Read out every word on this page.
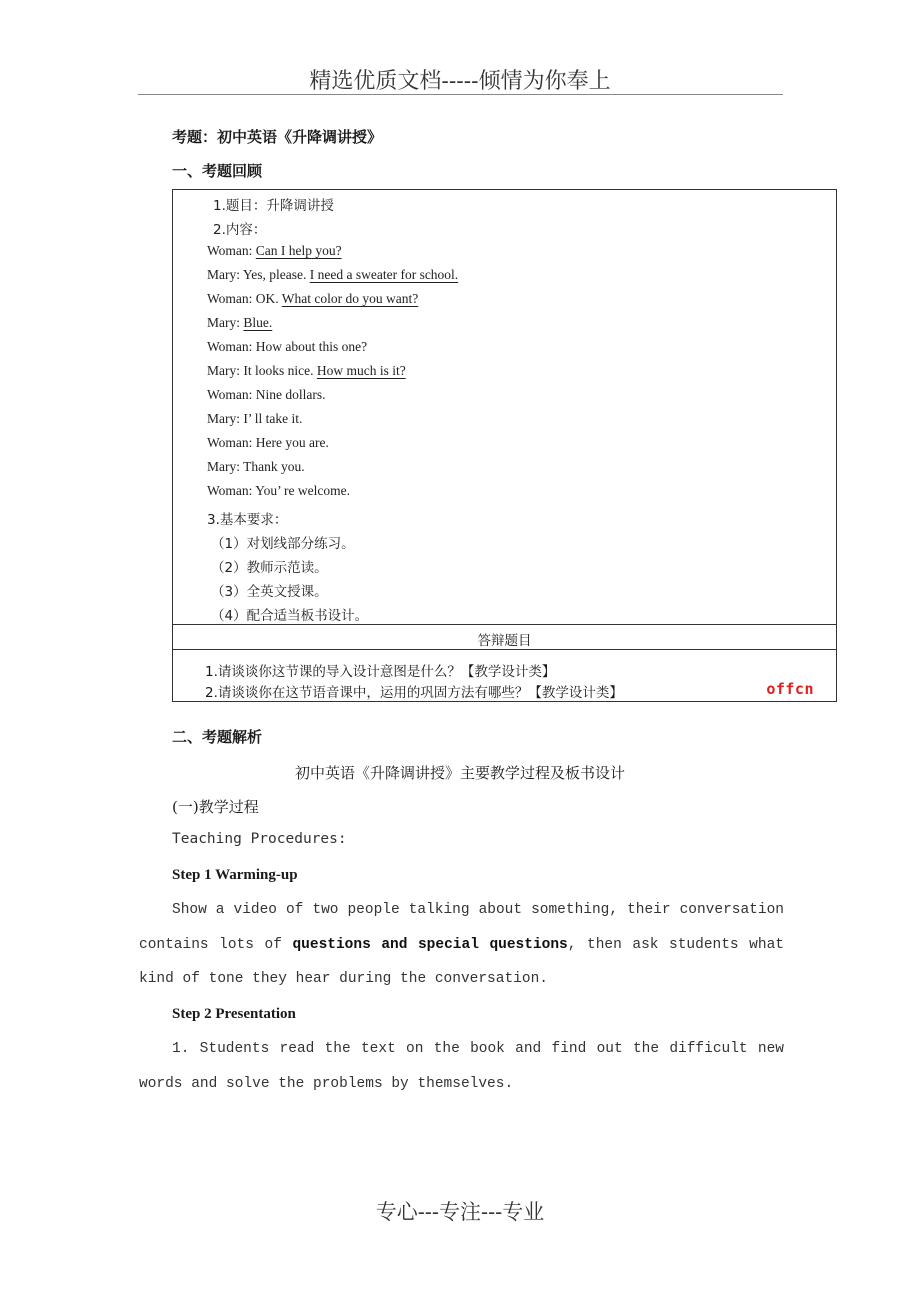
精选优质文档-----倾情为你奉上
考题：初中英语《升降调讲授》
一、考题回顾
1.题目：升降调讲授
2.内容：
Woman: Can I help you?
Mary: Yes, please. I need a sweater for school.
Woman: OK. What color do you want?
Mary: Blue.
Woman: How about this one?
Mary: It looks nice. How much is it?
Woman: Nine dollars.
Mary: I’ ll take it.
Woman: Here you are.
Mary: Thank you.
Woman: You’ re welcome.
3.基本要求：
（1）对划线部分练习。
（2）教师示范读。
（3）全英文授课。
（4）配合适当板书设计。
答辩题目
1.请谈谈你这节课的导入设计意图是什么？【教学设计类】
2.请谈谈你在这节语音课中，运用的巩固方法有哪些？【教学设计类】	offcn
二、考题解析
初中英语《升降调讲授》主要教学过程及板书设计
(一)教学过程
Teaching Procedures:
Step 1 Warming-up
Show a video of two people talking about something, their conversation contains lots of questions and special questions, then ask students what kind of tone they hear during the conversation.
Step 2 Presentation
1. Students read the text on the book and find out the difficult new words and solve the problems by themselves.
专心---专注---专业
